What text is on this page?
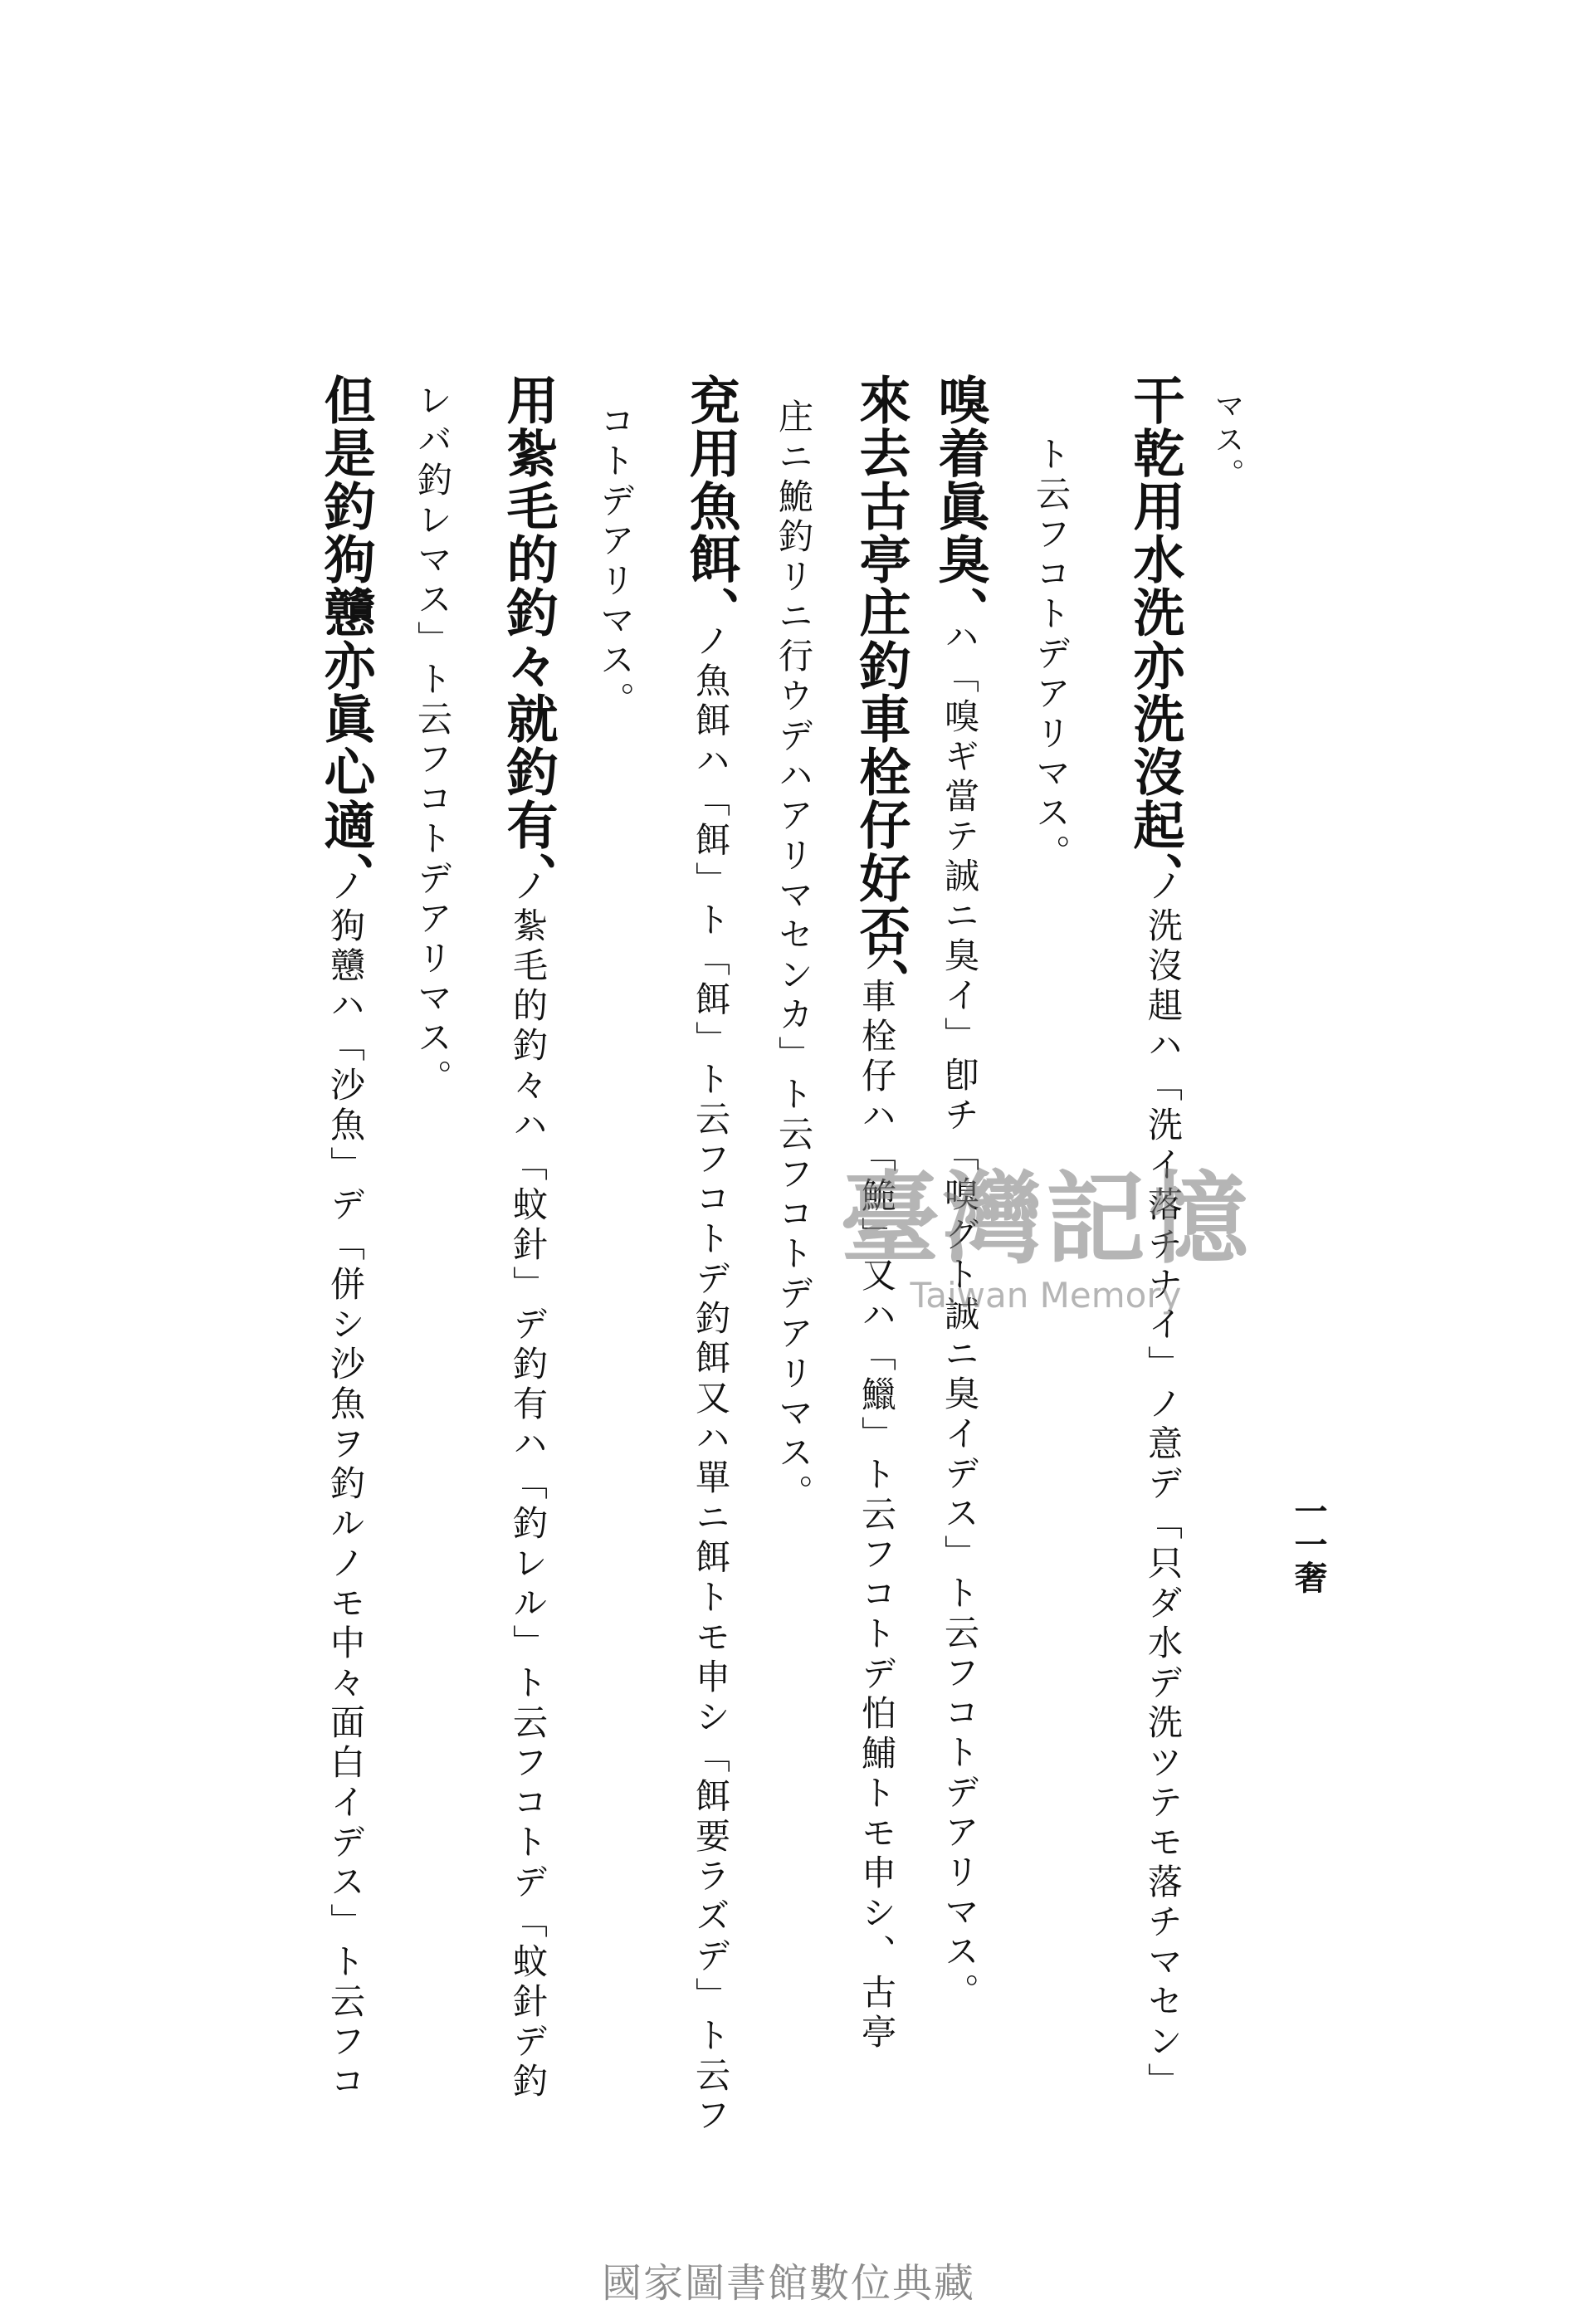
一一奢
マス。
干乾用水洗亦洗沒起、
ノ洗沒趄ハ「洗イ落チナイ」ノ意デ「只ダ水デ洗ツテモ落チマセン」
ト云フコトデアリマス。
嗅着眞臭、
ハ「嗅ギ當テ誠ニ臭イ」卽チ「嗅グト誠ニ臭イデス」ト云フコトデアリマス。
來去古亭庄釣車栓仔好否、
ノ車栓仔ハ「鮠」又ハ「鱲」ト云フコトデ怕鯆トモ申シ、古亭
庄ニ鮠釣リニ行ウデハアリマセンカ」ト云フコトデアリマス。
兗用魚餌、
ノ魚餌ハ「餌」ト「餌」ト云フコトデ釣餌又ハ單ニ餌トモ申シ「餌要ラズデ」ト云フ
コトデアリマス。
用紮毛的釣々就釣有、
ノ紮毛的釣々ハ「蚊針」デ釣有ハ「釣レル」ト云フコトデ「蚊針デ釣
レバ釣レマス」ト云フコトデアリマス。
但是釣狗戇亦眞心適、
ノ狗戇ハ「沙魚」デ「併シ沙魚ヲ釣ルノモ中々面白イデス」ト云フコ	臺灣記憶
Taiwan Memory
國家圖書館數位典藏
